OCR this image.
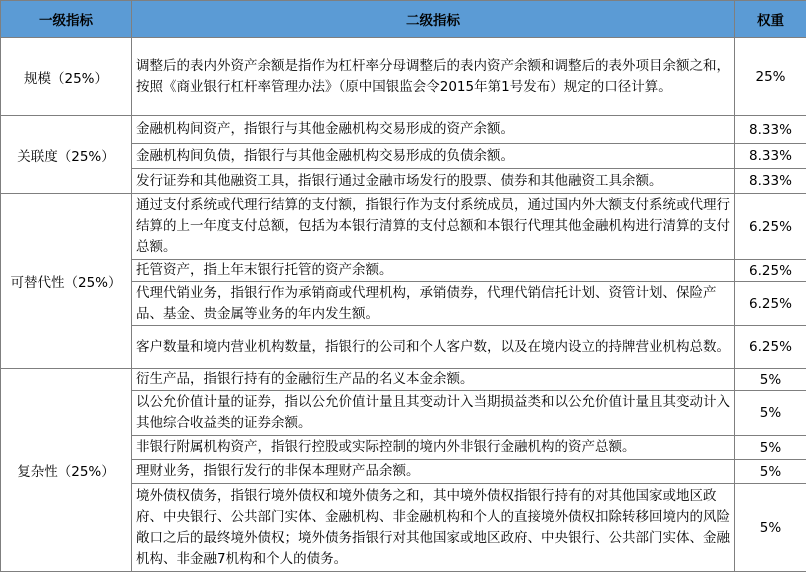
一级指标	二级指标	权重
规模（25%）	调整后的表内外资产余额是指作为杠杆率分母调整后的表内资产余额和调整后的表外项目余额之和，按照《商业银行杠杆率管理办法》（原中国银监会令2015年第1号发布）规定的口径计算。	25%
关联度（25%）	金融机构间资产，指银行与其他金融机构交易形成的资产余额。	8.33%
	金融机构间负债，指银行与其他金融机构交易形成的负债余额。	8.33%
	发行证券和其他融资工具，指银行通过金融市场发行的股票、债券和其他融资工具余额。	8.33%
可替代性（25%）	通过支付系统或代理行结算的支付额，指银行作为支付系统成员，通过国内外大额支付系统或代理行结算的上一年度支付总额，包括为本银行清算的支付总额和本银行代理其他金融机构进行清算的支付总额。	6.25%
	托管资产，指上年末银行托管的资产余额。	6.25%
	代理代销业务，指银行作为承销商或代理机构，承销债券，代理代销信托计划、资管计划、保险产品、基金、贵金属等业务的年内发生额。	6.25%
	客户数量和境内营业机构数量，指银行的公司和个人客户数，以及在境内设立的持牌营业机构总数。	6.25%
复杂性（25%）	衍生产品，指银行持有的金融衍生产品的名义本金余额。	5%
	以公允价值计量的证券，指以公允价值计量且其变动计入当期损益类和以公允价值计量且其变动计入其他综合收益类的证券余额。	5%
	非银行附属机构资产，指银行控股或实际控制的境内外非银行金融机构的资产总额。	5%
	理财业务，指银行发行的非保本理财产品余额。	5%
	境外债权债务，指银行境外债权和境外债务之和，其中境外债权指银行持有的对其他国家或地区政府、中央银行、公共部门实体、金融机构、非金融机构和个人的直接境外债权扣除转移回境内的风险敞口之后的最终境外债权；境外债务指银行对其他国家或地区政府、中央银行、公共部门实体、金融机构、非金融7机构和个人的债务。	5%
